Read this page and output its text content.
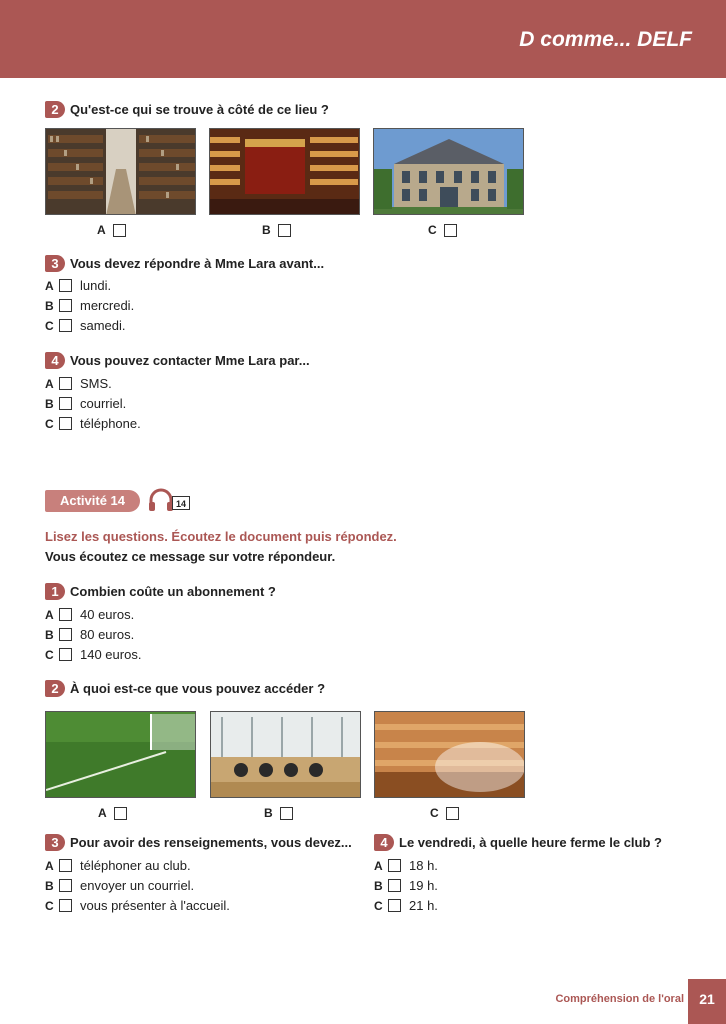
D comme... DELF
2 Qu'est-ce qui se trouve à côté de ce lieu ?
A	B	C
3 Vous devez répondre à Mme Lara avant...
A	lundi.
B	mercredi.
C	samedi.
4 Vous pouvez contacter Mme Lara par...
A	SMS.
B	courriel.
C	téléphone.
Activité 14	14
Lisez les questions. Écoutez le document puis répondez.
Vous écoutez ce message sur votre répondeur.
1 Combien coûte un abonnement ?
A	40 euros.
B	80 euros.
C	140 euros.
2 À quoi est-ce que vous pouvez accéder ?
A	B	C
3 Pour avoir des renseignements, vous devez...
A	téléphoner au club.
B	envoyer un courriel.
C	vous présenter à l'accueil.
4 Le vendredi, à quelle heure ferme le club ?
A	18 h.
B	19 h.
C	21 h.
Compréhension de l'oral	21
